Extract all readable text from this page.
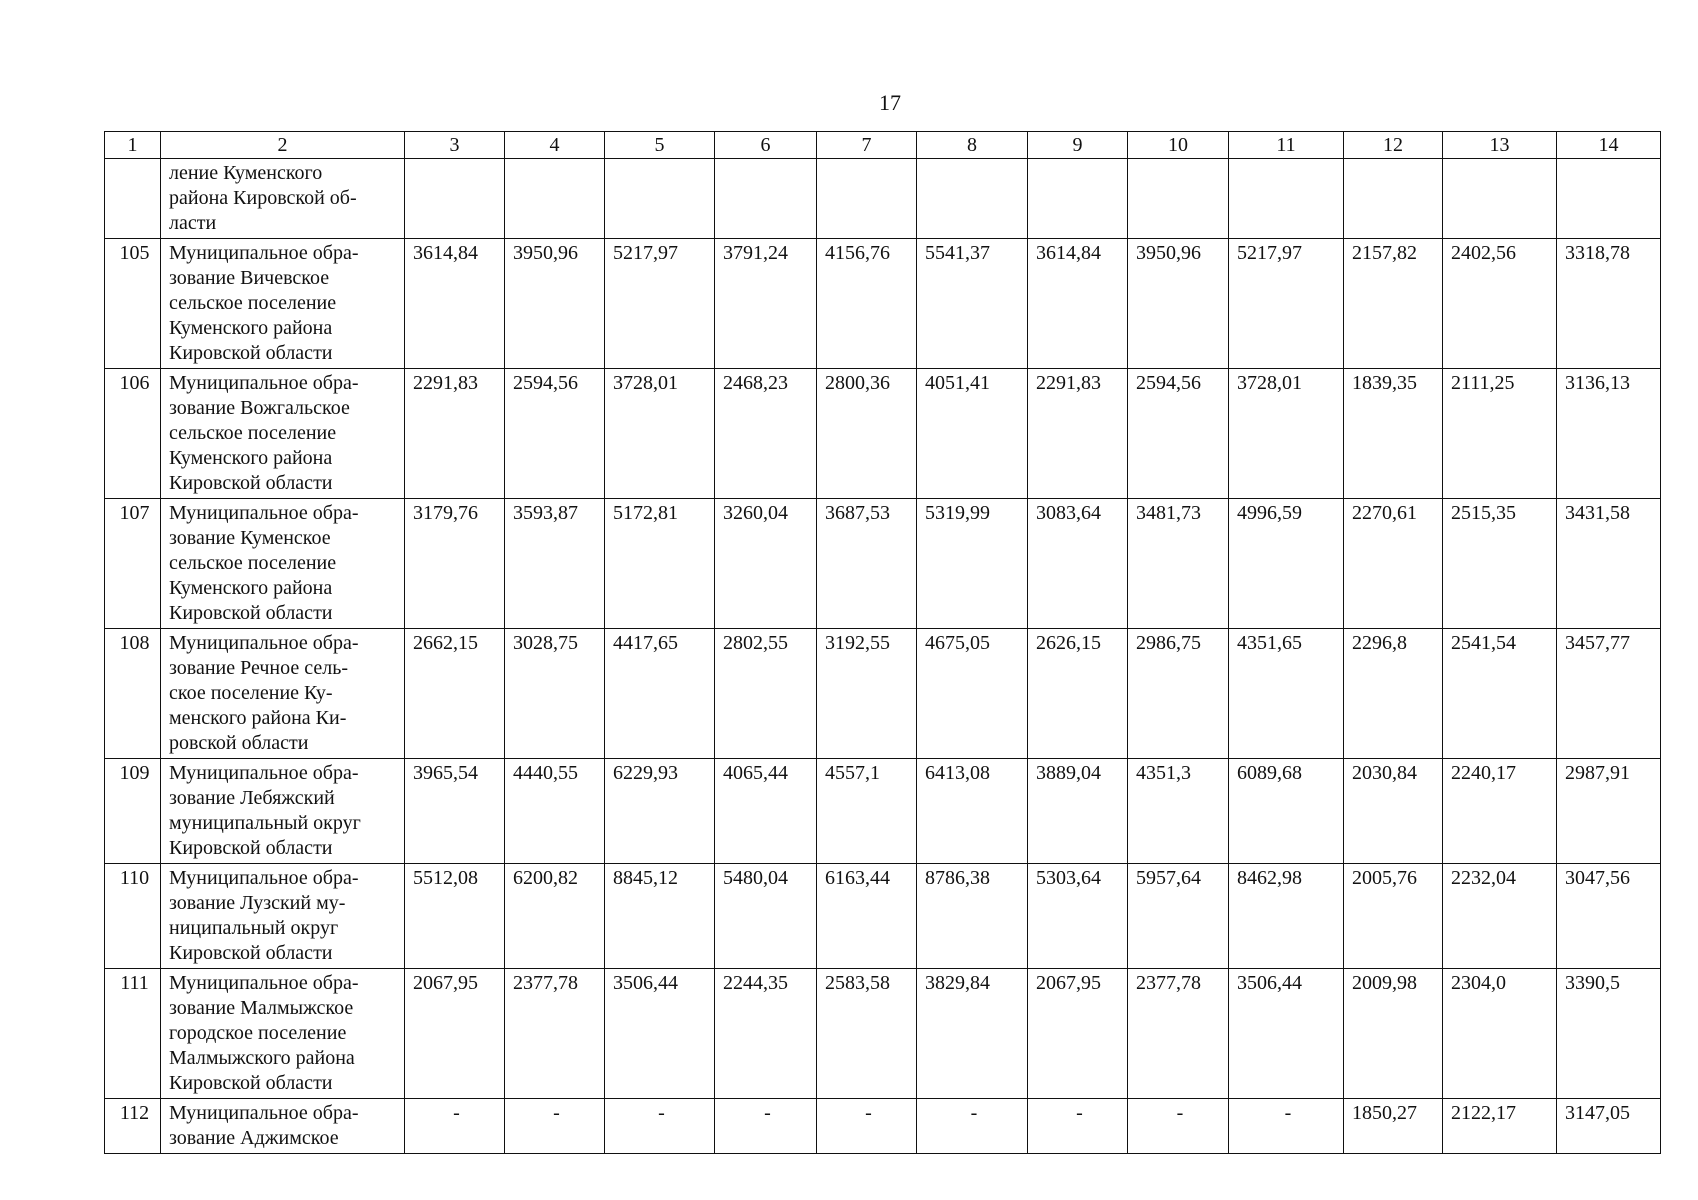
17
1	2	3	4	5	6	7	8	9	10	11	12	13	14

	ление Куменского
района Кировской об-
ласти												

105	Муниципальное обра-
зование Вичевское
сельское поселение
Куменского района
Кировской области	3614,84	3950,96	5217,97	3791,24	4156,76	5541,37	3614,84	3950,96	5217,97	2157,82	2402,56	3318,78
106	Муниципальное обра-
зование Вожгальское
сельское поселение
Куменского района
Кировской области	2291,83	2594,56	3728,01	2468,23	2800,36	4051,41	2291,83	2594,56	3728,01	1839,35	2111,25	3136,13
107	Муниципальное обра-
зование Куменское
сельское поселение
Куменского района
Кировской области	3179,76	3593,87	5172,81	3260,04	3687,53	5319,99	3083,64	3481,73	4996,59	2270,61	2515,35	3431,58
108	Муниципальное обра-
зование Речное сель-
ское поселение Ку-
менского района Ки-
ровской области	2662,15	3028,75	4417,65	2802,55	3192,55	4675,05	2626,15	2986,75	4351,65	2296,8	2541,54	3457,77
109	Муниципальное обра-
зование Лебяжский
муниципальный округ
Кировской области	3965,54	4440,55	6229,93	4065,44	4557,1	6413,08	3889,04	4351,3	6089,68	2030,84	2240,17	2987,91
110	Муниципальное обра-
зование Лузский му-
ниципальный округ
Кировской области	5512,08	6200,82	8845,12	5480,04	6163,44	8786,38	5303,64	5957,64	8462,98	2005,76	2232,04	3047,56
111	Муниципальное обра-
зование Малмыжское
городское поселение
Малмыжского района
Кировской области	2067,95	2377,78	3506,44	2244,35	2583,58	3829,84	2067,95	2377,78	3506,44	2009,98	2304,0	3390,5
112	Муниципальное обра-
зование Аджимское	-	-	-	-	-	-	-	-	-	1850,27	2122,17	3147,05
